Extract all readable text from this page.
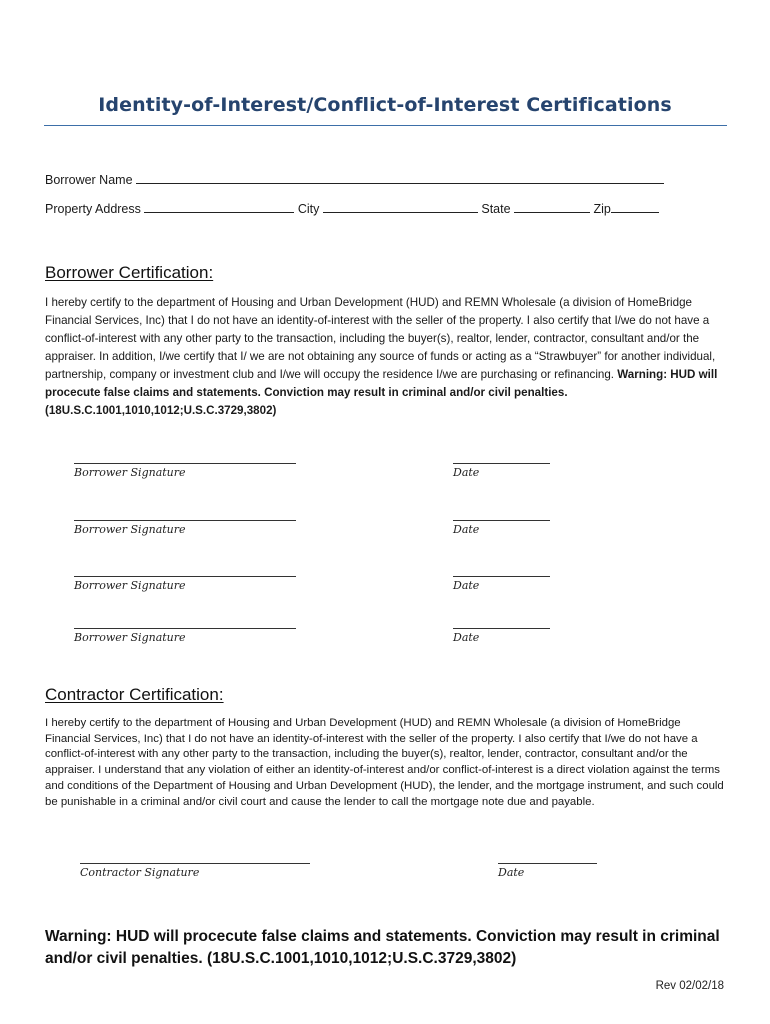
Identity-of-Interest/Conflict-of-Interest Certifications
Borrower Name
Property Address	City	State	Zip
Borrower Certification:
I hereby certify to the department of Housing and Urban Development (HUD) and REMN Wholesale (a division of HomeBridge Financial Services, Inc) that I do not have an identity-of-interest with the seller of the property. I also certify that I/we do not have a conflict-of-interest with any other party to the transaction, including the buyer(s), realtor, lender, contractor, consultant and/or the appraiser. In addition, I/we certify that I/ we are not obtaining any source of funds or acting as a “Strawbuyer” for another individual, partnership, company or investment club and I/we will occupy the residence I/we are purchasing or refinancing. Warning: HUD will procecute false claims and statements. Conviction may result in criminal and/or civil penalties. (18U.S.C.1001,1010,1012;U.S.C.3729,3802)
Borrower Signature	Date
Borrower Signature	Date
Borrower Signature	Date
Borrower Signature	Date
Contractor Certification:
I hereby certify to the department of Housing and Urban Development (HUD) and REMN Wholesale (a division of HomeBridge Financial Services, Inc) that I do not have an identity-of-interest with the seller of the property. I also certify that I/we do not have a conflict-of-interest with any other party to the transaction, including the buyer(s), realtor, lender, contractor, consultant and/or the appraiser. I understand that any violation of either an identity-of-interest and/or conflict-of-interest is a direct violation against the terms and conditions of the Department of Housing and Urban Development (HUD), the lender, and the mortgage instrument, and such could be punishable in a criminal and/or civil court and cause the lender to call the mortgage note due and payable.
Contractor Signature	Date
Warning: HUD will procecute false claims and statements. Conviction may result in criminal and/or civil penalties. (18U.S.C.1001,1010,1012;U.S.C.3729,3802)
Rev 02/02/18
